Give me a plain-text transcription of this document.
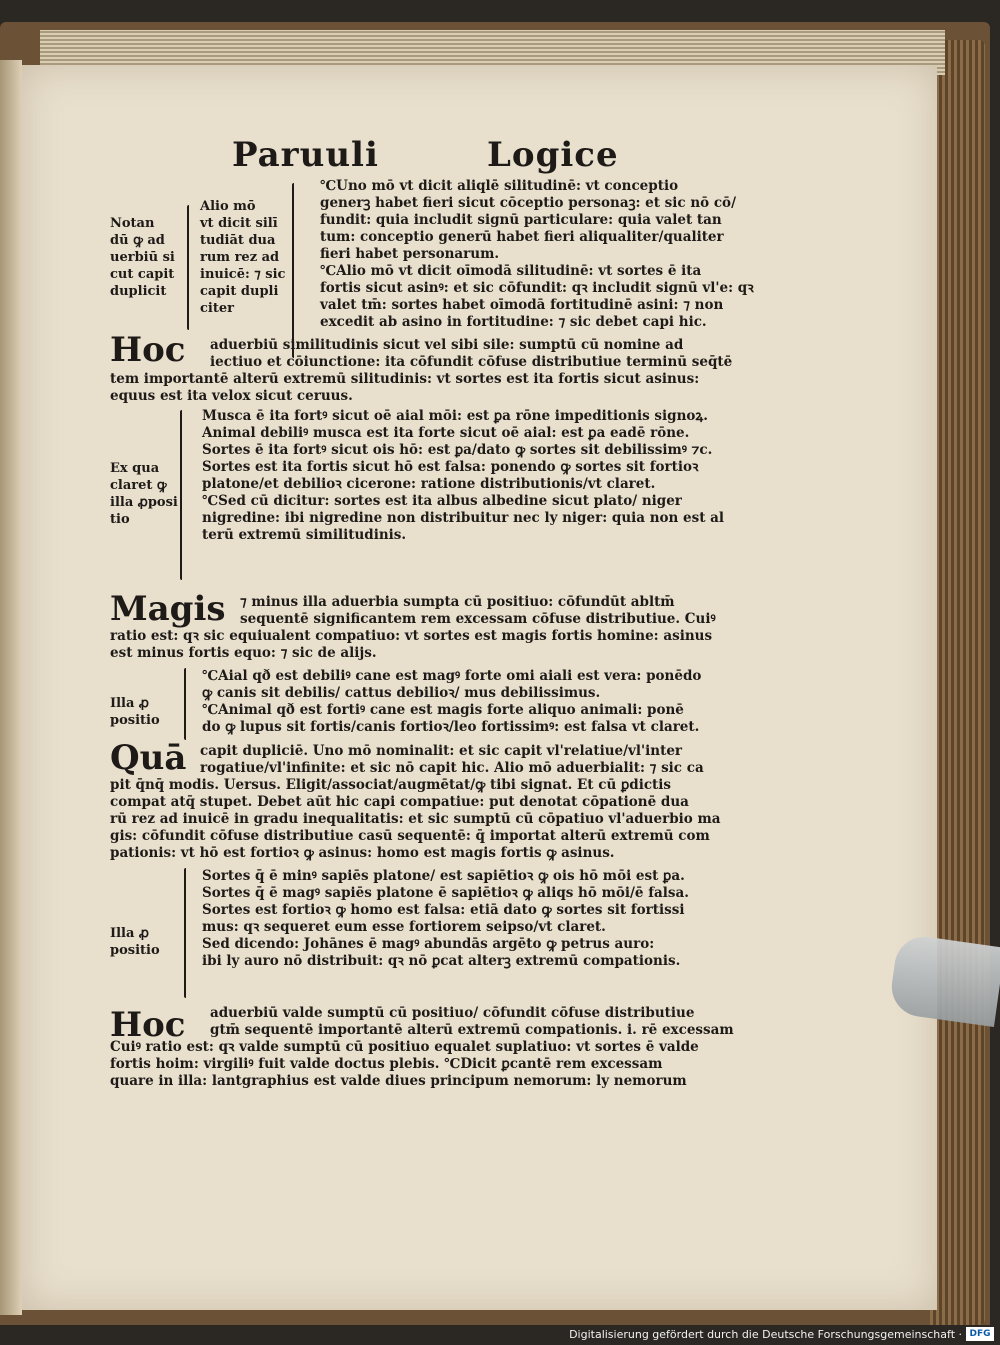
Paruuli	Logice
Alio mō
vt dicit silī
tudiāt dua
rum rez ad
inuicē: ⁊ sic
capit dupli
citer
Notan
dū ꝙ ad
uerbiū si
cut capit
duplicit
℃Uno mō vt dicit aliqlē silitudinē: vt conceptio
generꝫ habet fieri sicut cōceptio personaꝫ: et sic nō cō/
fundit: quia includit signū particulare: quia valet tan
tum: conceptio generū habet fieri aliqualiter/qualiter
fieri habet personarum.
℃Alio mō vt dicit oīmodā silitudinē: vt sortes ē ita
fortis sicut asinꝰ: et sic cōfundit: qꝛ includit signū vl'e: qꝛ
valet tm̄: sortes habet oīmodā fortitudinē asini: ⁊ non
excedit ab asino in fortitudine: ⁊ sic debet capi hic.
Hoc aduerbiū similitudinis sicut vel sibi sile: sumptū cū nomine ad
iectiuo et cōiunctione: ita cōfundit cōfuse distributiue terminū seq̄tē
tem importantē alterū extremū silitudinis: vt sortes est ita fortis sicut asinus:
equus est ita velox sicut ceruus.
Ex qua
claret ꝙ
illa ꝓposi
tio
Musca ē ita fortꝰ sicut oē aial mōi: est ꝑa rōne impeditionis signoꝝ.
Animal debiliꝰ musca est ita forte sicut oē aial: est ꝑa eadē rōne.
Sortes ē ita fortꝰ sicut ois hō: est ꝑa/dato ꝙ sortes sit debilissimꝰ ⁊c.
Sortes est ita fortis sicut hō est falsa: ponendo ꝙ sortes sit fortioꝛ
platone/et debilioꝛ cicerone: ratione distributionis/vt claret.
℃Sed cū dicitur: sortes est ita albus albedine sicut plato/ niger
nigredine: ibi nigredine non distribuitur nec ly niger: quia non est al
terū extremū similitudinis.
Magis ⁊ minus illa aduerbia sumpta cū positiuo: cōfundūt abltm̄
sequentē significantem rem excessam cōfuse distributiue. Cuiꝰ
ratio est: qꝛ sic equiualent compatiuo: vt sortes est magis fortis homine: asinus
est minus fortis equo: ⁊ sic de alijs.
Illa ꝓ
positio
℃Aial qð est debiliꝰ cane est magꝰ forte omi aiali est vera: ponēdo
ꝙ canis sit debilis/ cattus debilioꝛ/ mus debilissimus.
℃Animal qð est fortiꝰ cane est magis forte aliquo animali: ponē
do ꝙ lupus sit fortis/canis fortioꝛ/leo fortissimꝰ: est falsa vt claret.
Quā capit dupliciē. Uno mō nominalit: et sic capit vl'relatiue/vl'inter
rogatiue/vl'infinite: et sic nō capit hic. Alio mō aduerbialit: ⁊ sic ca
pit q̄nq̄ modis. Uersus. Eligit/associat/augmētat/ꝙ tibi signat. Et cū ꝑdictis
compat atq̄ stupet. Debet aūt hic capi compatiue: put denotat cōpationē dua
rū rez ad inuicē in gradu inequalitatis: et sic sumptū cū cōpatiuo vl'aduerbio ma
gis: cōfundit cōfuse distributiue casū sequentē: q̄ importat alterū extremū com
pationis: vt hō est fortioꝛ ꝙ asinus: homo est magis fortis ꝙ asinus.
Illa ꝓ
positio
Sortes q̄ ē minꝰ sapiēs platone/ est sapiētioꝛ ꝙ ois hō mōi est ꝑa.
Sortes q̄ ē magꝰ sapiēs platone ē sapiētioꝛ ꝙ aliqs hō mōi/ē falsa.
Sortes est fortioꝛ ꝙ homo est falsa: etiā dato ꝙ sortes sit fortissi
mus: qꝛ sequeret eum esse fortiorem seipso/vt claret.
Sed dicendo: Johānes ē magꝰ abundās argēto ꝙ petrus auro:
ibi ly auro nō distribuit: qꝛ nō ꝑcat alterꝫ extremū compationis.
Hoc aduerbiū valde sumptū cū positiuo/ cōfundit cōfuse distributiue
gtm̄ sequentē importantē alterū extremū compationis. i. rē excessam
Cuiꝰ ratio est: qꝛ valde sumptū cū positiuo equalet suplatiuo: vt sortes ē valde
fortis hoim: virgiliꝰ fuit valde doctus plebis. ℃Dicit ꝑcantē rem excessam
quare in illa: lantgraphius est valde diues principum nemorum: ly nemorum
Digitalisierung gefördert durch die Deutsche Forschungsgemeinschaft · DFG
